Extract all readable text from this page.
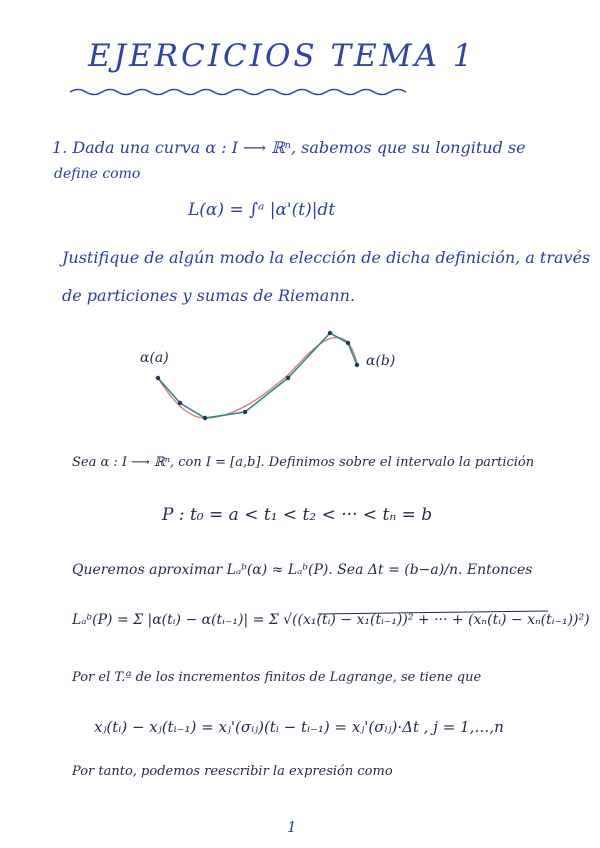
EJERCICIOS TEMA 1
1. Dada una curva α : I ⟶ ℝⁿ, sabemos que su longitud se
define como
L(α) = ∫ᵃ |α'(t)|dt
Justifique de algún modo la elección de dicha definición, a través
de particiones y sumas de Riemann.
α(a)	α(b)
Sea α : I ⟶ ℝⁿ, con I = [a,b]. Definimos sobre el intervalo la partición
P : t₀ = a < t₁ < t₂ < ··· < tₙ = b
Queremos aproximar Lₐᵇ(α) ≈ Lₐᵇ(P). Sea Δt = (b−a)/n. Entonces
Lₐᵇ(P) = Σ |α(tᵢ) − α(tᵢ₋₁)| = Σ √((x₁(tᵢ) − x₁(tᵢ₋₁))² + ··· + (xₙ(tᵢ) − xₙ(tᵢ₋₁))²)
Por el T.ª de los incrementos finitos de Lagrange, se tiene que
xⱼ(tᵢ) − xⱼ(tᵢ₋₁) = xⱼ'(σᵢⱼ)(tᵢ − tᵢ₋₁) = xⱼ'(σᵢⱼ)·Δt , j = 1,…,n
Por tanto, podemos reescribir la expresión como
1
